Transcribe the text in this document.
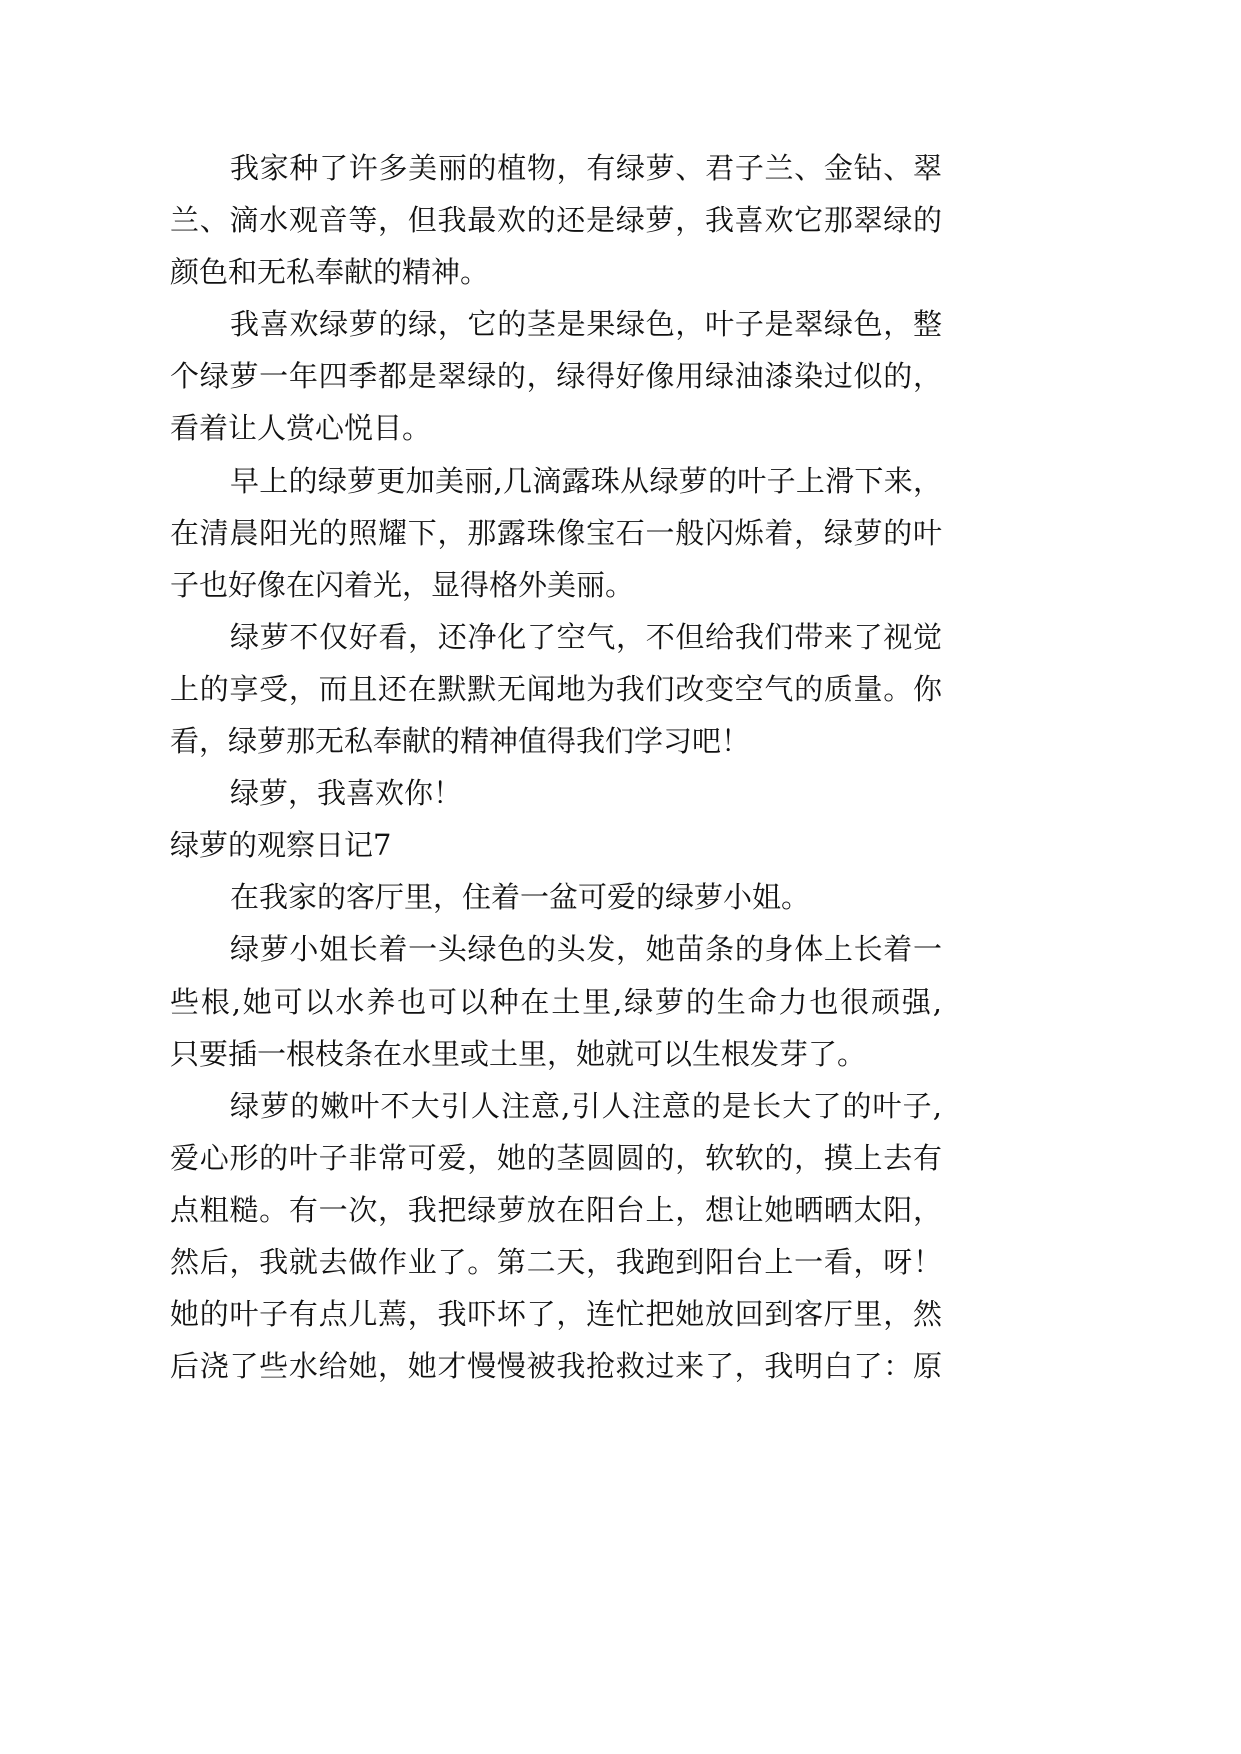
我家种了许多美丽的植物，有绿萝、君子兰、金钻、翠
兰、滴水观音等，但我最欢的还是绿萝，我喜欢它那翠绿的
颜色和无私奉献的精神。
我喜欢绿萝的绿，它的茎是果绿色，叶子是翠绿色，整
个绿萝一年四季都是翠绿的，绿得好像用绿油漆染过似的，
看着让人赏心悦目。
早上的绿萝更加美丽,几滴露珠从绿萝的叶子上滑下来，
在清晨阳光的照耀下，那露珠像宝石一般闪烁着，绿萝的叶
子也好像在闪着光，显得格外美丽。
绿萝不仅好看，还净化了空气，不但给我们带来了视觉
上的享受，而且还在默默无闻地为我们改变空气的质量。你
看，绿萝那无私奉献的精神值得我们学习吧！
绿萝，我喜欢你！
绿萝的观察日记7
在我家的客厅里，住着一盆可爱的绿萝小姐。
绿萝小姐长着一头绿色的头发，她苗条的身体上长着一
些根,她可以水养也可以种在土里,绿萝的生命力也很顽强,
只要插一根枝条在水里或土里，她就可以生根发芽了。
绿萝的嫩叶不大引人注意,引人注意的是长大了的叶子,
爱心形的叶子非常可爱，她的茎圆圆的，软软的，摸上去有
点粗糙。有一次，我把绿萝放在阳台上，想让她晒晒太阳，
然后，我就去做作业了。第二天，我跑到阳台上一看，呀！
她的叶子有点儿蔫，我吓坏了，连忙把她放回到客厅里，然
后浇了些水给她，她才慢慢被我抢救过来了，我明白了：原
